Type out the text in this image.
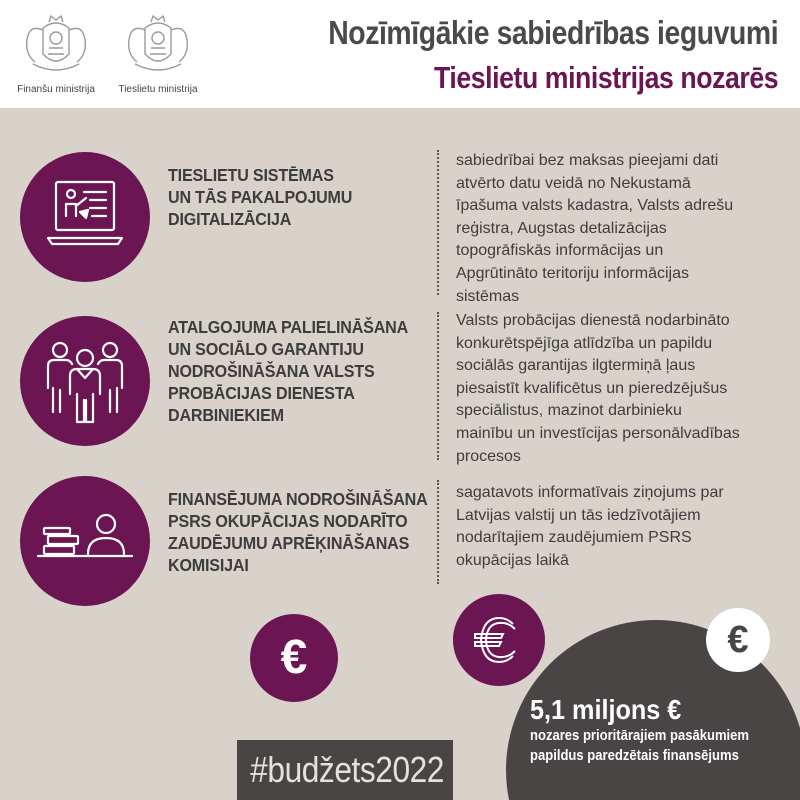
Finanšu ministrija	Tieslietu ministrija
Nozīmīgākie sabiedrības ieguvumi
Tieslietu ministrijas nozarēs
TIESLIETU SISTĒMAS
UN TĀS PAKALPOJUMU
DIGITALIZĀCIJA
sabiedrībai bez maksas pieejami dati
atvērto datu veidā no Nekustamā
īpašuma valsts kadastra, Valsts adrešu
reģistra, Augstas detalizācijas
topogrāfiskās informācijas un
Apgrūtināto teritoriju informācijas
sistēmas
ATALGOJUMA PALIELINĀŠANA
UN SOCIĀLO GARANTIJU
NODROŠINĀŠANA VALSTS
PROBĀCIJAS DIENESTA
DARBINIEKIEM
Valsts probācijas dienestā nodarbināto
konkurētspējīga atlīdzība un papildu
sociālās garantijas ilgtermiņā ļaus
piesaistīt kvalificētus un pieredzējušus
speciālistus, mazinot darbinieku
mainību un investīcijas personālvadības
procesos
FINANSĒJUMA NODROŠINĀŠANA
PSRS OKUPĀCIJAS NODARĪTO
ZAUDĒJUMU APRĒĶINĀŠANAS
KOMISIJAI
sagatavots informatīvais ziņojums par
Latvijas valstij un tās iedzīvotājiem
nodarītajiem zaudējumiem PSRS
okupācijas laikā
€	€
5,1 miljons €
nozares prioritārajiem pasākumiem
papildus paredzētais finansējums
#budžets2022
